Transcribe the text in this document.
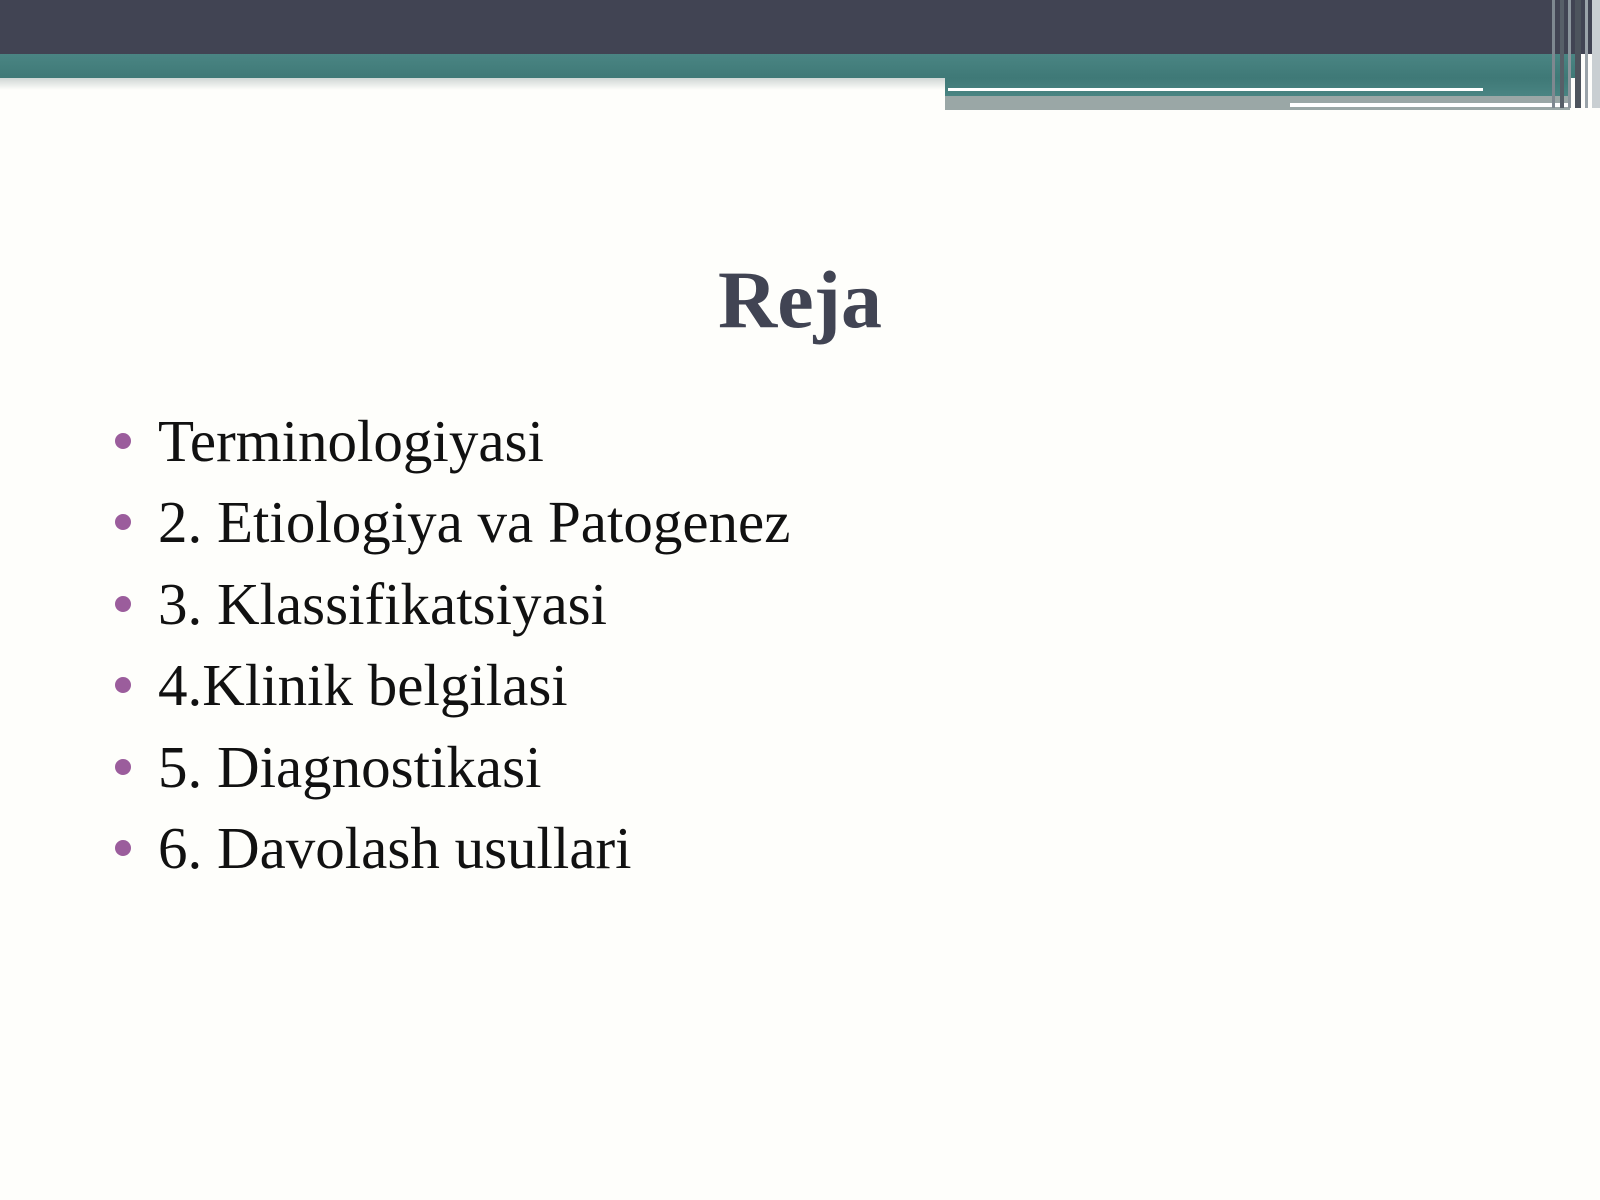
Reja
Terminologiyasi
2. Etiologiya va Patogenez
3. Klassifikatsiyasi
4.Klinik belgilasi
5. Diagnostikasi
6. Davolash usullari
